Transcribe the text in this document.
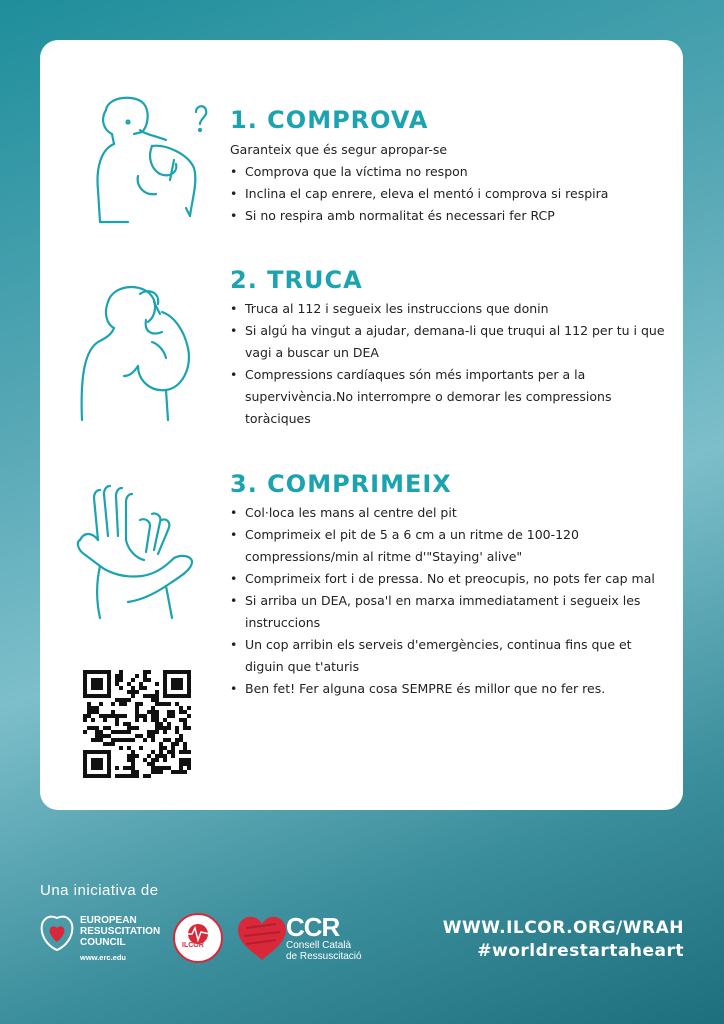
1. COMPROVA
Garanteix que és segur apropar-se
• Comprova que la víctima no respon
• Inclina el cap enrere, eleva el mentó i comprova si respira
• Si no respira amb normalitat és necessari fer RCP
2. TRUCA
• Truca al 112 i segueix les instruccions que donin
• Si algú ha vingut a ajudar, demana-li que truqui al 112 per tu i que vagi a buscar un DEA
• Compressions cardíaques són més importants per a la supervivència.No interrompre o demorar les compressions toràciques
3. COMPRIMEIX
• Col·loca les mans al centre del pit
• Comprimeix el pit de 5 a 6 cm a un ritme de 100-120 compressions/min al ritme d'"Staying' alive"
• Comprimeix fort i de pressa. No et preocupis, no pots fer cap mal
• Si arriba un DEA, posa'l en marxa immediatament i segueix les instruccions
• Un cop arribin els serveis d'emergències, continua fins que et diguin que t'aturis
• Ben fet! Fer alguna cosa SEMPRE és millor que no fer res.
Una iniciativa de
EUROPEAN
RESUSCITATION
COUNCIL
www.erc.edu
ILCOR
CCR
Consell Català
de Ressuscitació
WWW.ILCOR.ORG/WRAH
#worldrestartaheart
